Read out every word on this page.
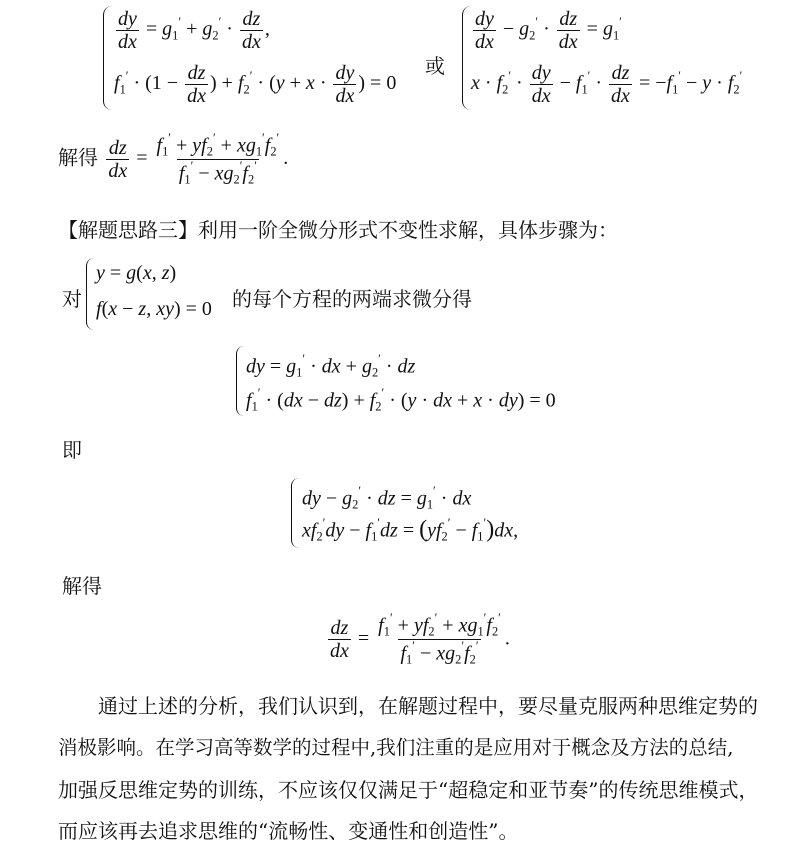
$\frac{dy}{dx} = g_1' + g_2' \cdot \frac{dz}{dx}$ ,
$f_1' \cdot (1 - \frac{dz}{dx}$ ) + $f_2' \cdot (y + x \cdot \frac{dy}{dx}$ ) = 0
或
$\frac{dy}{dx} - g_2' \cdot \frac{dz}{dx} = g_1'$
$x \cdot f_2' \cdot \frac{dy}{dx} - f_1' \cdot \frac{dz}{dx} = -f_1' - y \cdot f_2'$
解得 $\frac{dz}{dx} = \frac{f_1' + yf_2' + xg_1'f_2'}{f_1' - xg_2'f_2'}$ .
【解题思路三】利用一阶全微分形式不变性求解，具体步骤为：
对
y = g(x, z)
f(x − z, xy) = 0 的每个方程的两端求微分得
dy = $g_1'$ · dx + $g_2'$ · dz
$f_1' \cdot (dx - dz) + f_2' \cdot (y$ · dx + x · dy) = 0
即
dy − $g_2'$ · dz = $g_1'$ · dx
$xf_2'dy - f_1'dz = (yf_2' - f_1')dx$,
解得
$\frac{dz}{dx} = \frac{f_1' + yf_2' + xg_1'f_2'}{f_1' - xg_2'f_2'}$ .
通过上述的分析，我们认识到，在解题过程中，要尽量克服两种思维定势的
消极影响。在学习高等数学的过程中,我们注重的是应用对于概念及方法的总结,
加强反思维定势的训练，不应该仅仅满足于“超稳定和亚节奏”的传统思维模式，
而应该再去追求思维的“流畅性、变通性和创造性”。
